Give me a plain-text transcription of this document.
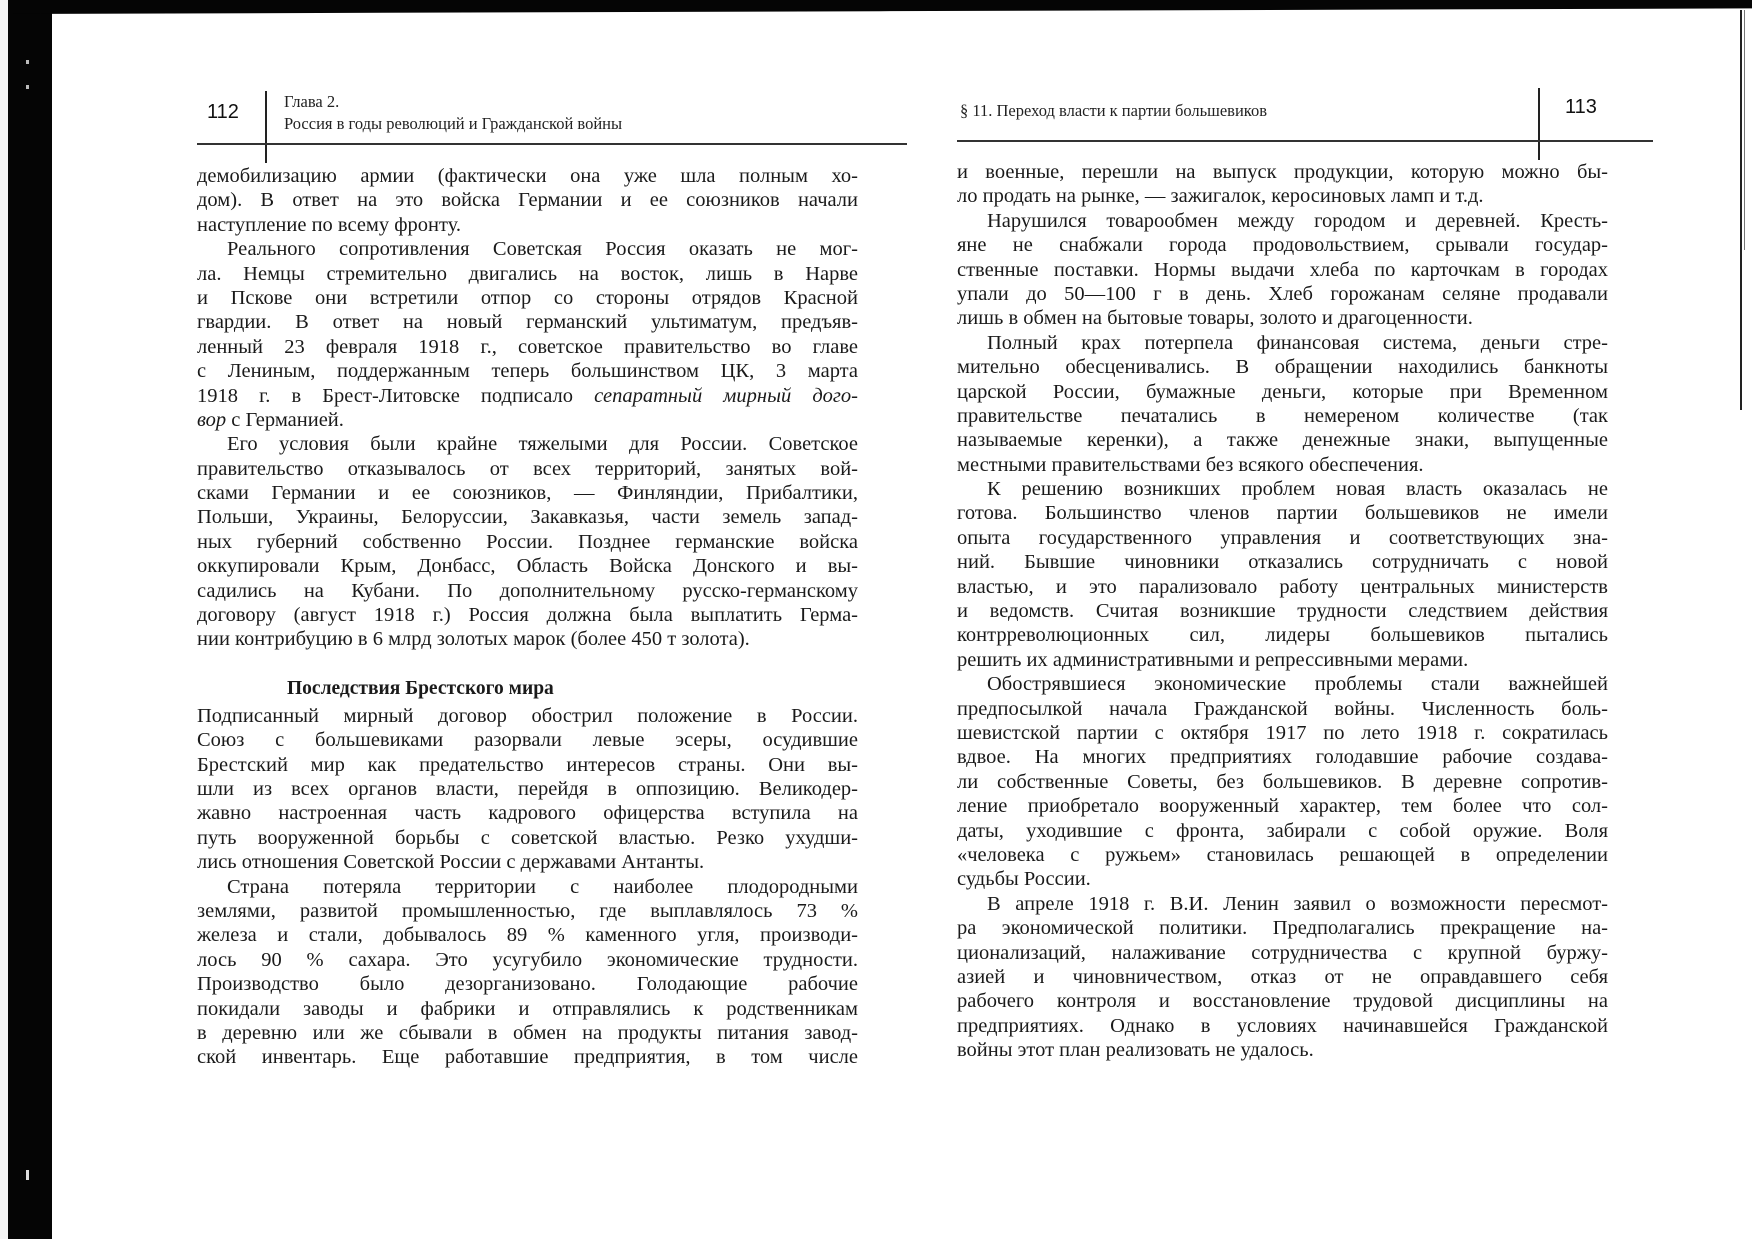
112	Глава 2.
Россия в годы революций и Гражданской войны
демобилизацию армии (фактически она уже шла полным хо-
дом). В ответ на это войска Германии и ее союзников начали
наступление по всему фронту.
Реального сопротивления Советская Россия оказать не мог-
ла. Немцы стремительно двигались на восток, лишь в Нарве
и Пскове они встретили отпор со стороны отрядов Красной
гвардии. В ответ на новый германский ультиматум, предъяв-
ленный 23 февраля 1918 г., советское правительство во главе
с Лениным, поддержанным теперь большинством ЦК, 3 марта
1918 г. в Брест-Литовске подписало сепаратный мирный дого-
вор с Германией.
Его условия были крайне тяжелыми для России. Советское
правительство отказывалось от всех территорий, занятых вой-
сками Германии и ее союзников, — Финляндии, Прибалтики,
Польши, Украины, Белоруссии, Закавказья, части земель запад-
ных губерний собственно России. Позднее германские войска
оккупировали Крым, Донбасс, Область Войска Донского и вы-
садились на Кубани. По дополнительному русско-германскому
договору (август 1918 г.) Россия должна была выплатить Герма-
нии контрибуцию в 6 млрд золотых марок (более 450 т золота).
Последствия Брестского мира
Подписанный мирный договор обострил положение в России.
Союз с большевиками разорвали левые эсеры, осудившие
Брестский мир как предательство интересов страны. Они вы-
шли из всех органов власти, перейдя в оппозицию. Великодер-
жавно настроенная часть кадрового офицерства вступила на
путь вооруженной борьбы с советской властью. Резко ухудши-
лись отношения Советской России с державами Антанты.
Страна потеряла территории с наиболее плодородными
землями, развитой промышленностью, где выплавлялось 73 %
железа и стали, добывалось 89 % каменного угля, производи-
лось 90 % сахара. Это усугубило экономические трудности.
Производство было дезорганизовано. Голодающие рабочие
покидали заводы и фабрики и отправлялись к родственникам
в деревню или же сбывали в обмен на продукты питания завод-
ской инвентарь. Еще работавшие предприятия, в том числе
§ 11. Переход власти к партии большевиков	113
и военные, перешли на выпуск продукции, которую можно бы-
ло продать на рынке, — зажигалок, керосиновых ламп и т.д.
Нарушился товарообмен между городом и деревней. Кресть-
яне не снабжали города продовольствием, срывали государ-
ственные поставки. Нормы выдачи хлеба по карточкам в городах
упали до 50—100 г в день. Хлеб горожанам селяне продавали
лишь в обмен на бытовые товары, золото и драгоценности.
Полный крах потерпела финансовая система, деньги стре-
мительно обесценивались. В обращении находились банкноты
царской России, бумажные деньги, которые при Временном
правительстве печатались в немереном количестве (так
называемые керенки), а также денежные знаки, выпущенные
местными правительствами без всякого обеспечения.
К решению возникших проблем новая власть оказалась не
готова. Большинство членов партии большевиков не имели
опыта государственного управления и соответствующих зна-
ний. Бывшие чиновники отказались сотрудничать с новой
властью, и это парализовало работу центральных министерств
и ведомств. Считая возникшие трудности следствием действия
контрреволюционных сил, лидеры большевиков пытались
решить их административными и репрессивными мерами.
Обострявшиеся экономические проблемы стали важнейшей
предпосылкой начала Гражданской войны. Численность боль-
шевистской партии с октября 1917 по лето 1918 г. сократилась
вдвое. На многих предприятиях голодавшие рабочие создава-
ли собственные Советы, без большевиков. В деревне сопротив-
ление приобретало вооруженный характер, тем более что сол-
даты, уходившие с фронта, забирали с собой оружие. Воля
«человека с ружьем» становилась решающей в определении
судьбы России.
В апреле 1918 г. В.И. Ленин заявил о возможности пересмот-
ра экономической политики. Предполагались прекращение на-
ционализаций, налаживание сотрудничества с крупной буржу-
азией и чиновничеством, отказ от не оправдавшего себя
рабочего контроля и восстановление трудовой дисциплины на
предприятиях. Однако в условиях начинавшейся Гражданской
войны этот план реализовать не удалось.
